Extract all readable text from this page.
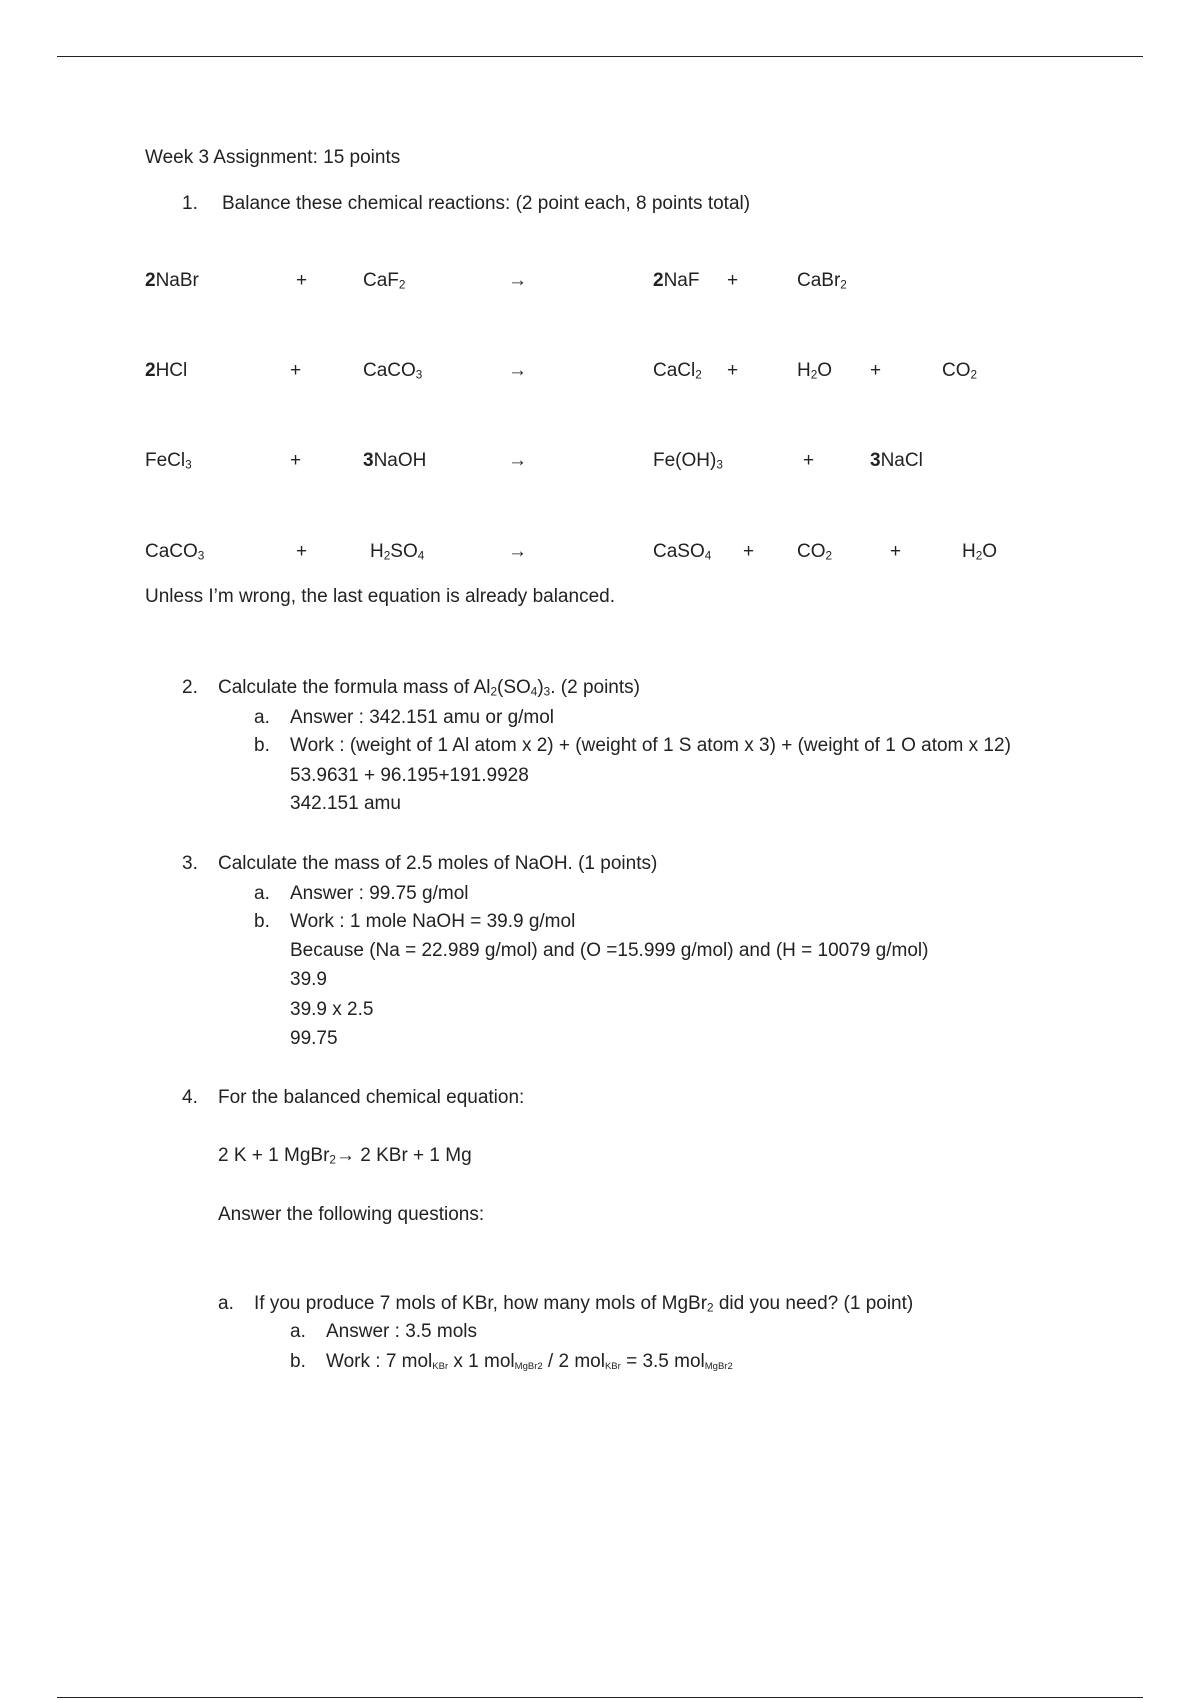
Week 3 Assignment: 15 points
1. Balance these chemical reactions: (2 point each, 8 points total)
2NaBr	+	CaF$_2$	→	2NaF +	CaBr$_2$
2HCl	+	CaCO$_3$	→	CaCl$_2$ +	$H_2O$ +	$CO_2$
FeCl$_3$	+	3NaOH	→	$Fe(OH)_3$	+	3NaCl
CaCO$_3$	+	$H_2SO_4$	→	CaSO$_4$ + $CO_2$	+	$H_2O$
Unless I’m wrong, the last equation is already balanced.
2. Calculate the formula mass of $Al_2(SO_4)_3$. (2 points)
a. Answer : 342.151 amu or g/mol
b. Work : (weight of 1 Al atom x 2) + (weight of 1 S atom x 3) + (weight of 1 O atom x 12)
53.9631 + 96.195+191.9928
342.151 amu
3. Calculate the mass of 2.5 moles of NaOH. (1 points)
a. Answer : 99.75 g/mol
b. Work : 1 mole NaOH = 39.9 g/mol
Because (Na = 22.989 g/mol) and (O =15.999 g/mol) and (H = 10079 g/mol)
39.9
39.9 x 2.5
99.75
4. For the balanced chemical equation:
2 K + 1 MgBr$_2$→ 2 KBr + 1 Mg
Answer the following questions:
a. If you produce 7 mols of KBr, how many mols of MgBr$_2$ did you need? (1 point)
a. Answer : 3.5 mols
b. Work : 7 mol$_{KBr}$ x 1 mol$_{MgBr2}$ / 2 mol$_{KBr}$ = 3.5 mol$_{MgBr2}$
